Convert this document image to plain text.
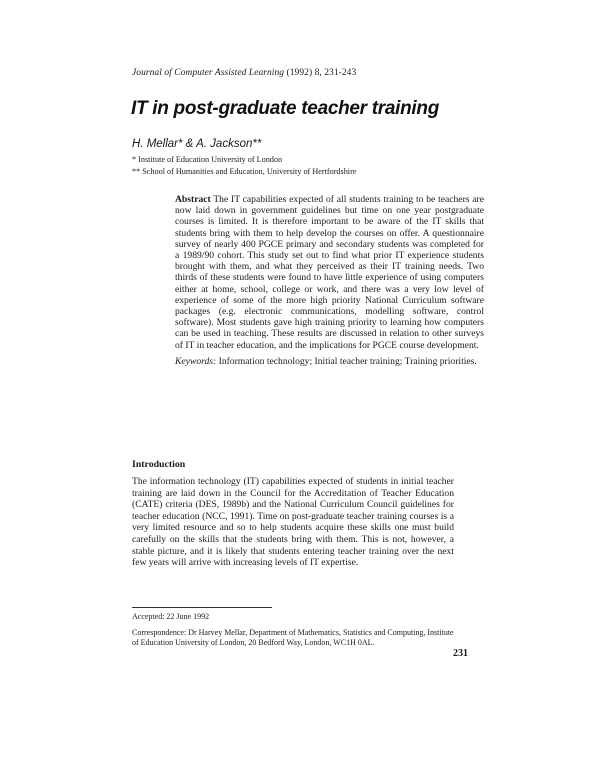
Journal of Computer Assisted Learning (1992) 8, 231-243
IT in post-graduate teacher training
H. Mellar* & A. Jackson**
* Institute of Education University of London
** School of Humanities and Education, University of Hertfordshire

Abstract The IT capabilities expected of all students training to be teachers are now laid down in government guidelines but time on one year postgraduate courses is limited. It is therefore important to be aware of the IT skills that students bring with them to help develop the courses on offer. A questionnaire survey of nearly 400 PGCE primary and secondary students was completed for a 1989/90 cohort. This study set out to find what prior IT experience students brought with them, and what they perceived as their IT training needs. Two thirds of these students were found to have little experience of using computers either at home, school, college or work, and there was a very low level of experience of some of the more high priority National Curriculum software packages (e.g. electronic communications, modelling software, control software). Most students gave high training priority to learning how computers can be used in teaching. These results are discussed in relation to other surveys of IT in teacher education, and the implications for PGCE course development.

Keywords: Information technology; Initial teacher training; Training priorities.

Introduction

The information technology (IT) capabilities expected of students in initial teacher training are laid down in the Council for the Accreditation of Teacher Education (CATE) criteria (DES, 1989b) and the National Curriculum Council guidelines for teacher education (NCC, 1991). Time on post-graduate teacher training courses is a very limited resource and so to help students acquire these skills one must build carefully on the skills that the students bring with them. This is not, however, a stable picture, and it is likely that students entering teacher training over the next few years will arrive with increasing levels of IT expertise.

Accepted: 22 June 1992

Correspondence: Dr Harvey Mellar, Department of Mathematics, Statistics and Computing, Institute of Education University of London, 20 Bedford Way, London, WC1H 0AL.

231
